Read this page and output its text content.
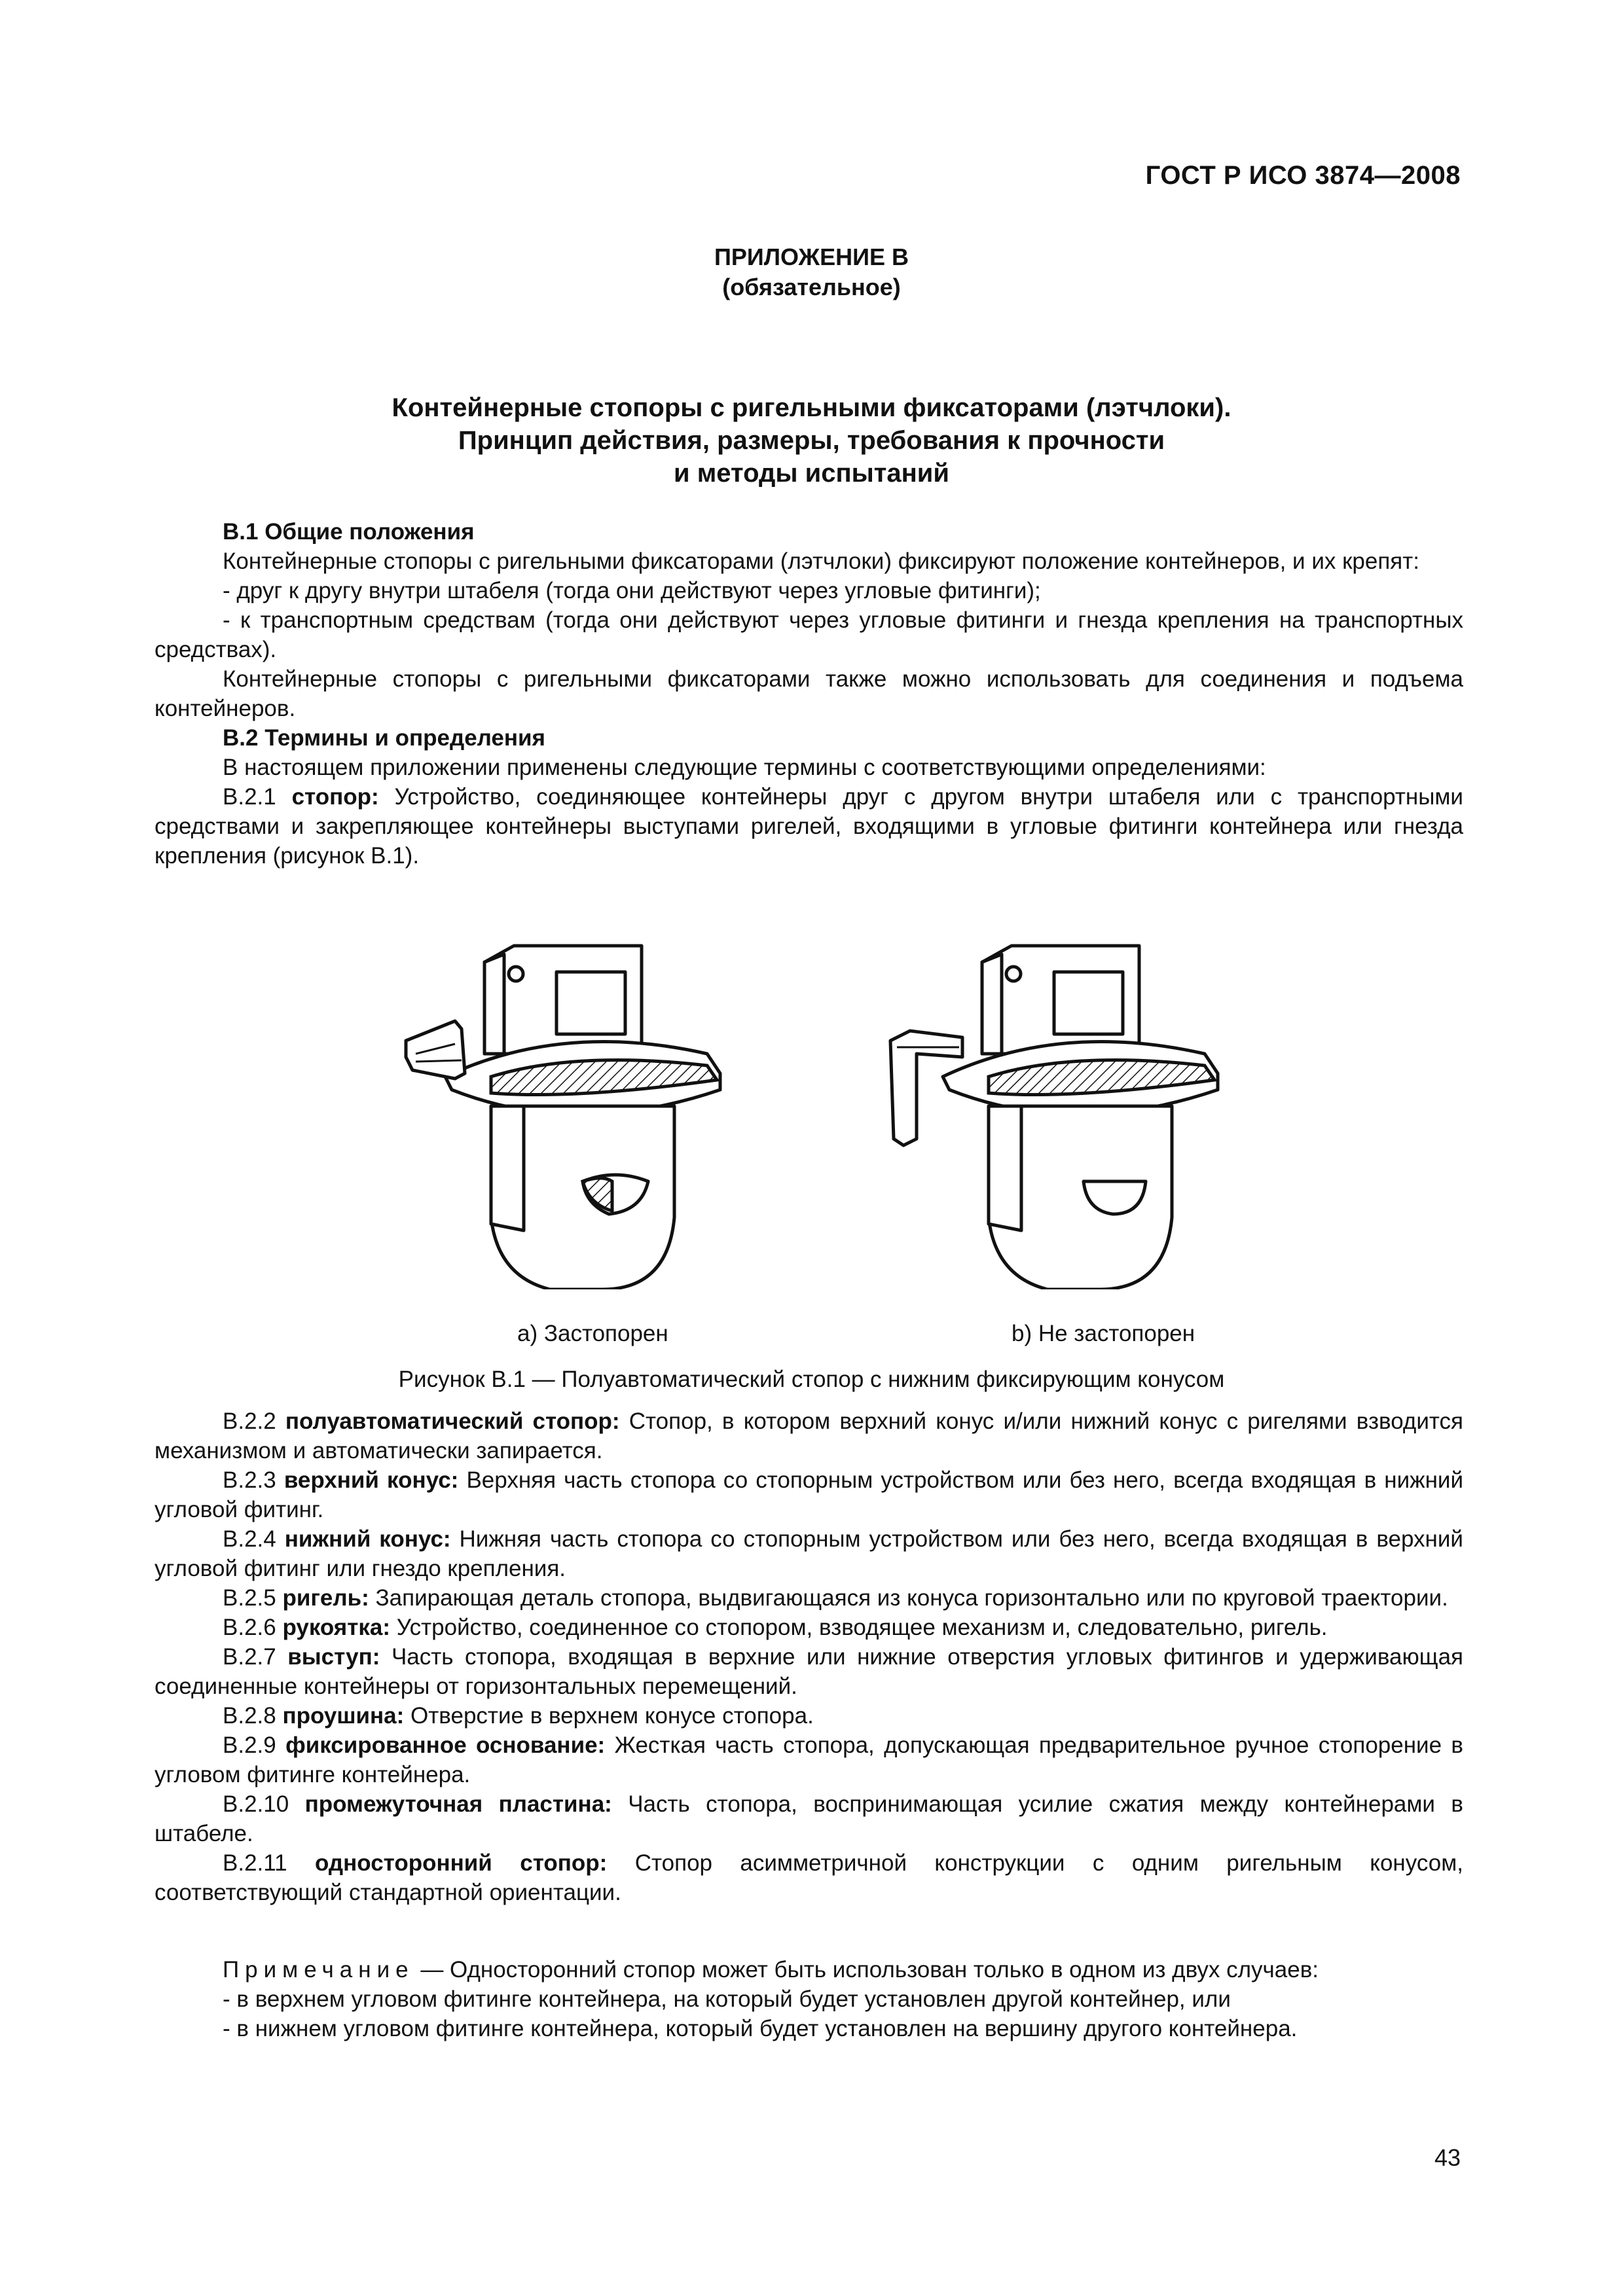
ГОСТ Р ИСО 3874—2008
ПРИЛОЖЕНИЕ В
(обязательное)
Контейнерные стопоры с ригельными фиксаторами (лэтчлоки).
Принцип действия, размеры, требования к прочности
и методы испытаний

B.1 Общие положения

Контейнерные стопоры с ригельными фиксаторами (лэтчлоки) фиксируют положение контейнеров, и их крепят:

- друг к другу внутри штабеля (тогда они действуют через угловые фитинги);

- к транспортным средствам (тогда они действуют через угловые фитинги и гнезда крепления на транспортных средствах).

Контейнерные стопоры с ригельными фиксаторами также можно использовать для соединения и подъема контейнеров.

B.2 Термины и определения

В настоящем приложении применены следующие термины с соответствующими определениями:

B.2.1 стопор: Устройство, соединяющее контейнеры друг с другом внутри штабеля или с транспортными средствами и закрепляющее контейнеры выступами ригелей, входящими в угловые фитинги контейнера или гнезда крепления (рисунок В.1).

а) Застопорен	b) Не застопорен
Рисунок В.1 — Полуавтоматический стопор с нижним фиксирующим конусом

B.2.2 полуавтоматический стопор: Стопор, в котором верхний конус и/или нижний конус с ригелями взводится механизмом и автоматически запирается.

B.2.3 верхний конус: Верхняя часть стопора со стопорным устройством или без него, всегда входящая в нижний угловой фитинг.

B.2.4 нижний конус: Нижняя часть стопора со стопорным устройством или без него, всегда входящая в верхний угловой фитинг или гнездо крепления.

B.2.5 ригель: Запирающая деталь стопора, выдвигающаяся из конуса горизонтально или по круговой траектории.

B.2.6 рукоятка: Устройство, соединенное со стопором, взводящее механизм и, следовательно, ригель.

B.2.7 выступ: Часть стопора, входящая в верхние или нижние отверстия угловых фитингов и удерживающая соединенные контейнеры от горизонтальных перемещений.

B.2.8 проушина: Отверстие в верхнем конусе стопора.

B.2.9 фиксированное основание: Жесткая часть стопора, допускающая предварительное ручное стопорение в угловом фитинге контейнера.

B.2.10 промежуточная пластина: Часть стопора, воспринимающая усилие сжатия между контейнерами в штабеле.

B.2.11 односторонний стопор: Стопор асимметричной конструкции с одним ригельным конусом, соответствующий стандартной ориентации.

Примечание — Односторонний стопор может быть использован только в одном из двух случаев:
- в верхнем угловом фитинге контейнера, на который будет установлен другой контейнер, или
- в нижнем угловом фитинге контейнера, который будет установлен на вершину другого контейнера.
43
